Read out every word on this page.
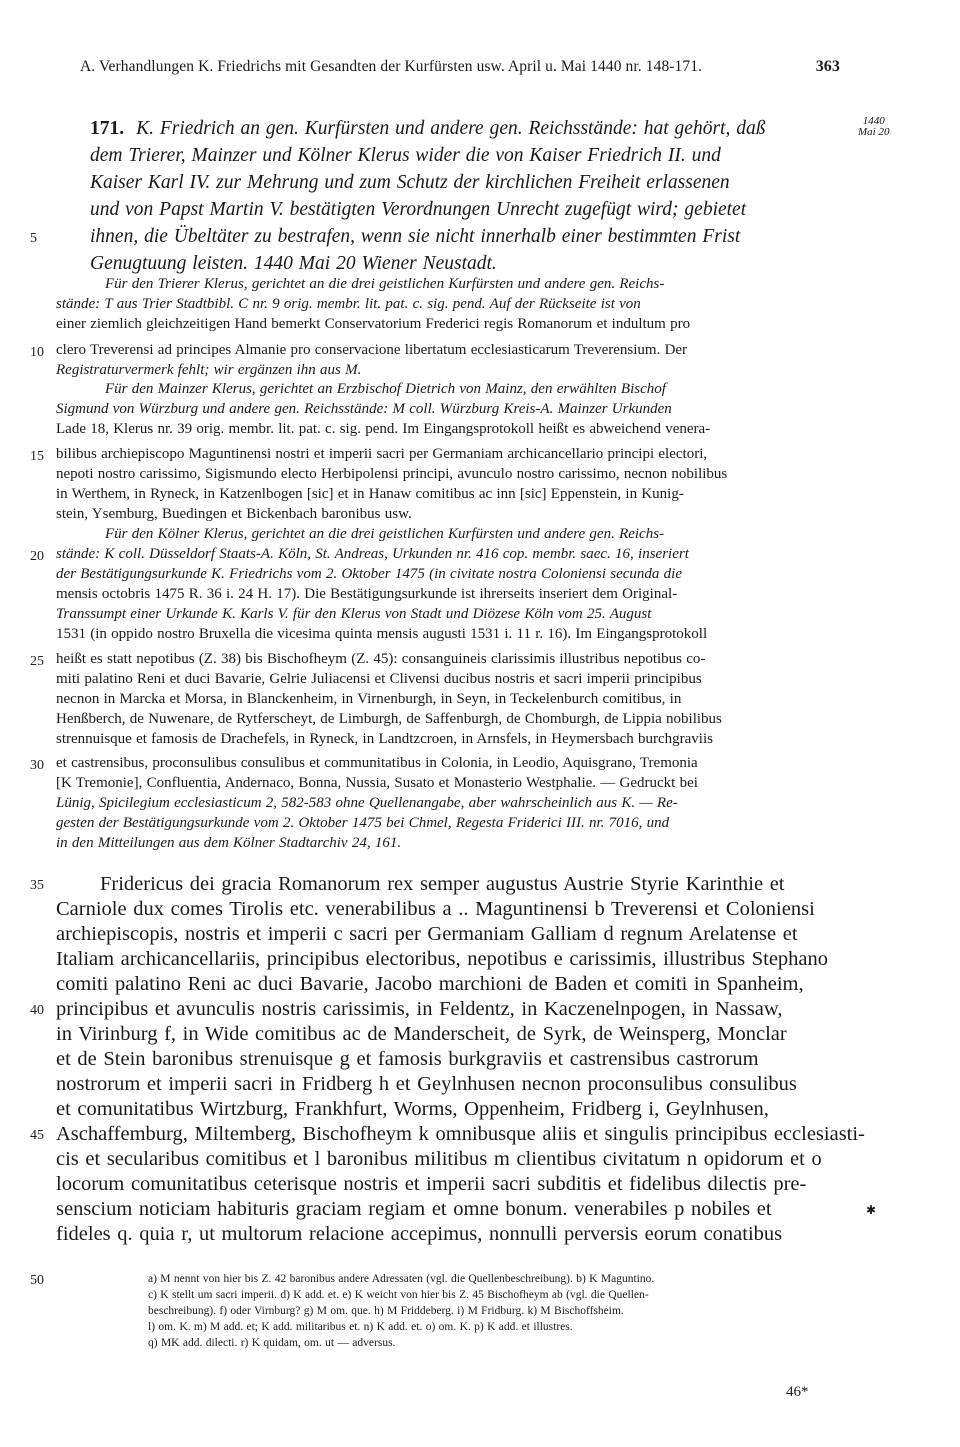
A. Verhandlungen K. Friedrichs mit Gesandten der Kurfürsten usw. April u. Mai 1440 nr. 148-171.	363
171. K. Friedrich an gen. Kurfürsten und andere gen. Reichsstände: hat gehört, daß	1440
Mai 20
dem Trierer, Mainzer und Kölner Klerus wider die von Kaiser Friedrich II. und
Kaiser Karl IV. zur Mehrung und zum Schutz der kirchlichen Freiheit erlassenen
und von Papst Martin V. bestätigten Verordnungen Unrecht zugefügt wird; gebietet
ihnen, die Übeltäter zu bestrafen, wenn sie nicht innerhalb einer bestimmten Frist
Genugtuung leisten. 1440 Mai 20 Wiener Neustadt.
Für den Trierer Klerus, gerichtet an die drei geistlichen Kurfürsten und andere gen. Reichs-
stände: T aus Trier Stadtbibl. C nr. 9 orig. membr. lit. pat. c. sig. pend. Auf der Rückseite ist von
einer ziemlich gleichzeitigen Hand bemerkt Conservatorium Frederici regis Romanorum et indultum pro
clero Treverensi ad principes Almanie pro conservacione libertatum ecclesiasticarum Treverensium. Der
Registraturvermerk fehlt; wir ergänzen ihn aus M.
Für den Mainzer Klerus, gerichtet an Erzbischof Dietrich von Mainz, den erwählten Bischof
Sigmund von Würzburg und andere gen. Reichsstände: M coll. Würzburg Kreis-A. Mainzer Urkunden
Lade 18, Klerus nr. 39 orig. membr. lit. pat. c. sig. pend. Im Eingangsprotokoll heißt es abweichend venera-
bilibus archiepiscopo Maguntinensi nostri et imperii sacri per Germaniam archicancellario principi electori,
nepoti nostro carissimo, Sigismundo electo Herbipolensi principi, avunculo nostro carissimo, necnon nobilibus
in Werthem, in Ryneck, in Katzenlbogen [sic] et in Hanaw comitibus ac inn [sic] Eppenstein, in Kunig-
stein, Ysemburg, Buedingen et Bickenbach baronibus usw.
Für den Kölner Klerus, gerichtet an die drei geistlichen Kurfürsten und andere gen. Reichs-
stände: K coll. Düsseldorf Staats-A. Köln, St. Andreas, Urkunden nr. 416 cop. membr. saec. 16, inseriert
der Bestätigungsurkunde K. Friedrichs vom 2. Oktober 1475 (in civitate nostra Coloniensi secunda die
mensis octobris 1475 R. 36 i. 24 H. 17). Die Bestätigungsurkunde ist ihrerseits inseriert dem Original-
Transsumpt einer Urkunde K. Karls V. für den Klerus von Stadt und Diözese Köln vom 25. August
1531 (in oppido nostro Bruxella die vicesima quinta mensis augusti 1531 i. 11 r. 16). Im Eingangsprotokoll
heißt es statt nepotibus (Z. 38) bis Bischofheym (Z. 45): consanguineis clarissimis illustribus nepotibus co-
miti palatino Reni et duci Bavarie, Gelrie Juliacensi et Clivensi ducibus nostris et sacri imperii principibus
necnon in Marcka et Morsa, in Blanckenheim, in Virnenburgh, in Seyn, in Teckelenburch comitibus, in
Henßberch, de Nuwenare, de Rytferscheyt, de Limburgh, de Saffenburgh, de Chomburgh, de Lippia nobilibus
strennuisque et famosis de Drachefels, in Ryneck, in Landtzcroen, in Arnsfels, in Heymersbach burchgraviis
et castrensibus, proconsulibus consulibus et communitatibus in Colonia, in Leodio, Aquisgrano, Tremonia
[K Tremonie], Confluentia, Andernaco, Bonna, Nussia, Susato et Monasterio Westphalie. — Gedruckt bei
Lünig, Spicilegium ecclesiasticum 2, 582-583 ohne Quellenangabe, aber wahrscheinlich aus K. — Re-
gesten der Bestätigungsurkunde vom 2. Oktober 1475 bei Chmel, Regesta Friderici III. nr. 7016, und
in den Mitteilungen aus dem Kölner Stadtarchiv 24, 161.
Fridericus dei gracia Romanorum rex semper augustus Austrie Styrie Karinthie et
Carniole dux comes Tirolis etc. venerabilibus a .. Maguntinensi b Treverensi et Coloniensi
archiepiscopis, nostris et imperii c sacri per Germaniam Galliam d regnum Arelatense et
Italiam archicancellariis, principibus electoribus, nepotibus e carissimis, illustribus Stephano
comiti palatino Reni ac duci Bavarie, Jacobo marchioni de Baden et comiti in Spanheim,
principibus et avunculis nostris carissimis, in Feldentz, in Kaczenelnpogen, in Nassaw,
in Virinburg f, in Wide comitibus ac de Manderscheit, de Syrk, de Weinsperg, Monclar
et de Stein baronibus strenuisque g et famosis burkgraviis et castrensibus castrorum
nostrorum et imperii sacri in Fridberg h et Geylnhusen necnon proconsulibus consulibus
et comunitatibus Wirtzburg, Frankhfurt, Worms, Oppenheim, Fridberg i, Geylnhusen,
Aschaffemburg, Miltemberg, Bischofheym k omnibusque aliis et singulis principibus ecclesiasti-
cis et secularibus comitibus et l baronibus militibus m clientibus civitatum n opidorum et o
locorum comunitatibus ceterisque nostris et imperii sacri subditis et fidelibus dilectis pre-
senscium noticiam habituris graciam regiam et omne bonum. venerabiles p nobiles et
fideles q. quia r, ut multorum relacione accepimus, nonnulli perversis eorum conatibus
✱
a) M nennt von hier bis Z. 42 baronibus andere Adressaten (vgl. die Quellenbeschreibung). b) K Maguntino.
c) K stellt um sacri imperii. d) K add. et. e) K weicht von hier bis Z. 45 Bischofheym ab (vgl. die Quellen-
beschreibung). f) oder Virnburg? g) M om. que. h) M Friddeberg. i) M Fridburg. k) M Bischoffsheim.
l) om. K. m) M add. et; K add. militaribus et. n) K add. et. o) om. K. p) K add. et illustres.
q) MK add. dilecti. r) K quidam, om. ut — adversus.
46*
5
10
15
20
25
30
35
40
45
50
